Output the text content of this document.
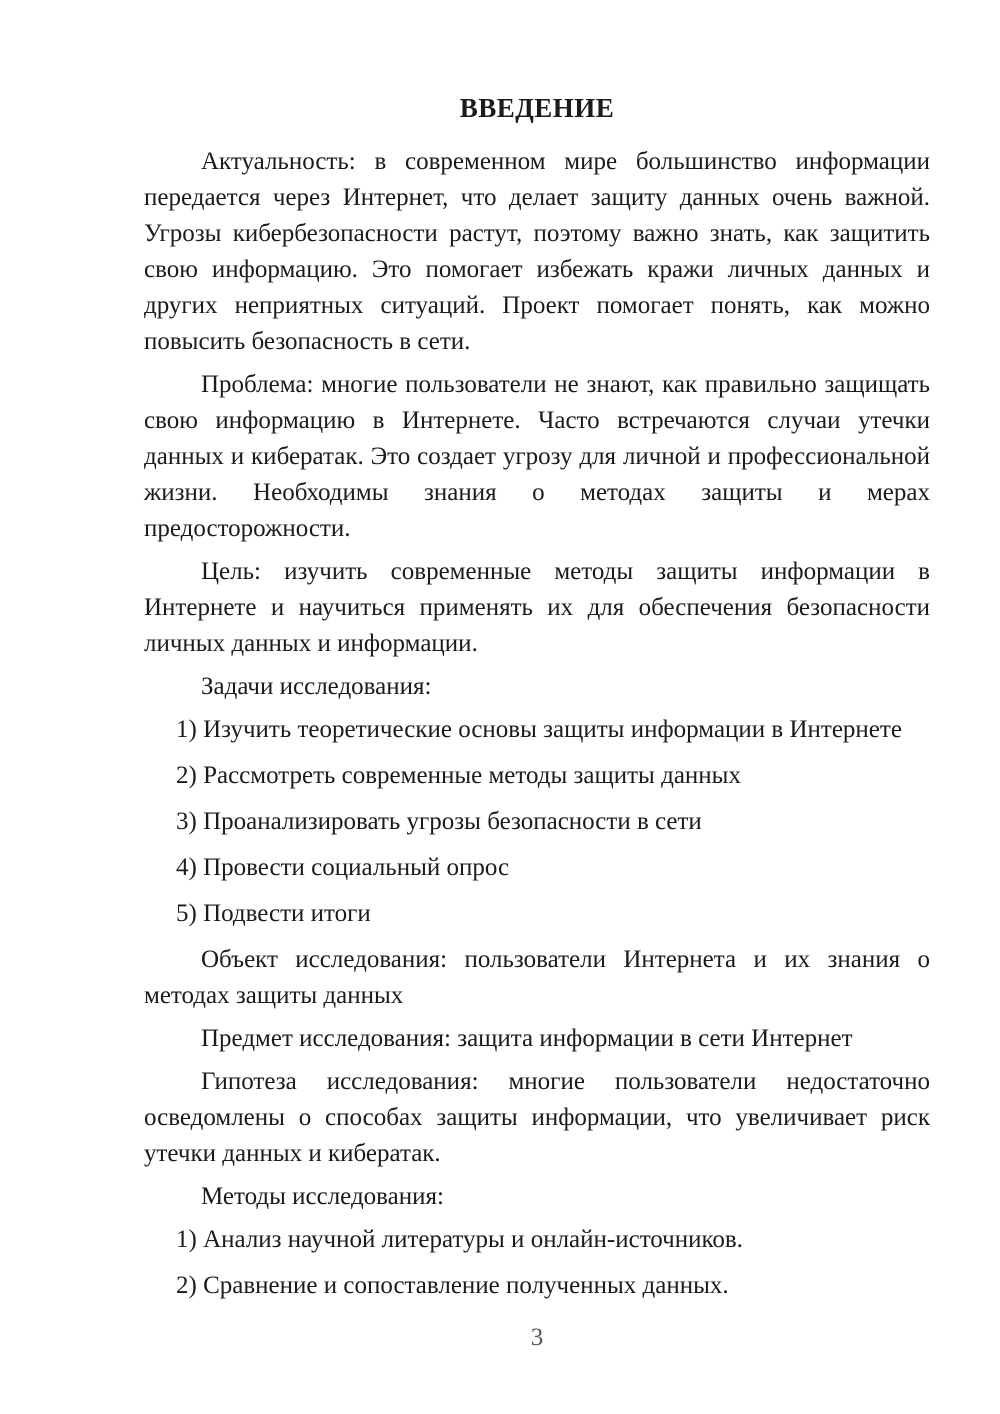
ВВЕДЕНИЕ

Актуальность: в современном мире большинство информации передается через Интернет, что делает защиту данных очень важной. Угрозы кибербезопасности растут, поэтому важно знать, как защитить свою информацию. Это помогает избежать кражи личных данных и других неприятных ситуаций. Проект помогает понять, как можно повысить безопасность в сети.

Проблема: многие пользователи не знают, как правильно защищать свою информацию в Интернете. Часто встречаются случаи утечки данных и кибератак. Это создает угрозу для личной и профессиональной жизни. Необходимы знания о методах защиты и мерах предосторожности.

Цель: изучить современные методы защиты информации в Интернете и научиться применять их для обеспечения безопасности личных данных и информации.

Задачи исследования:

1) Изучить теоретические основы защиты информации в Интернете

2) Рассмотреть современные методы защиты данных

3) Проанализировать угрозы безопасности в сети

4) Провести социальный опрос

5) Подвести итоги

Объект исследования: пользователи Интернета и их знания о методах защиты данных

Предмет исследования: защита информации в сети Интернет

Гипотеза исследования: многие пользователи недостаточно осведомлены о способах защиты информации, что увеличивает риск утечки данных и кибератак.

Методы исследования:

1) Анализ научной литературы и онлайн-источников.

2) Сравнение и сопоставление полученных данных.

3
